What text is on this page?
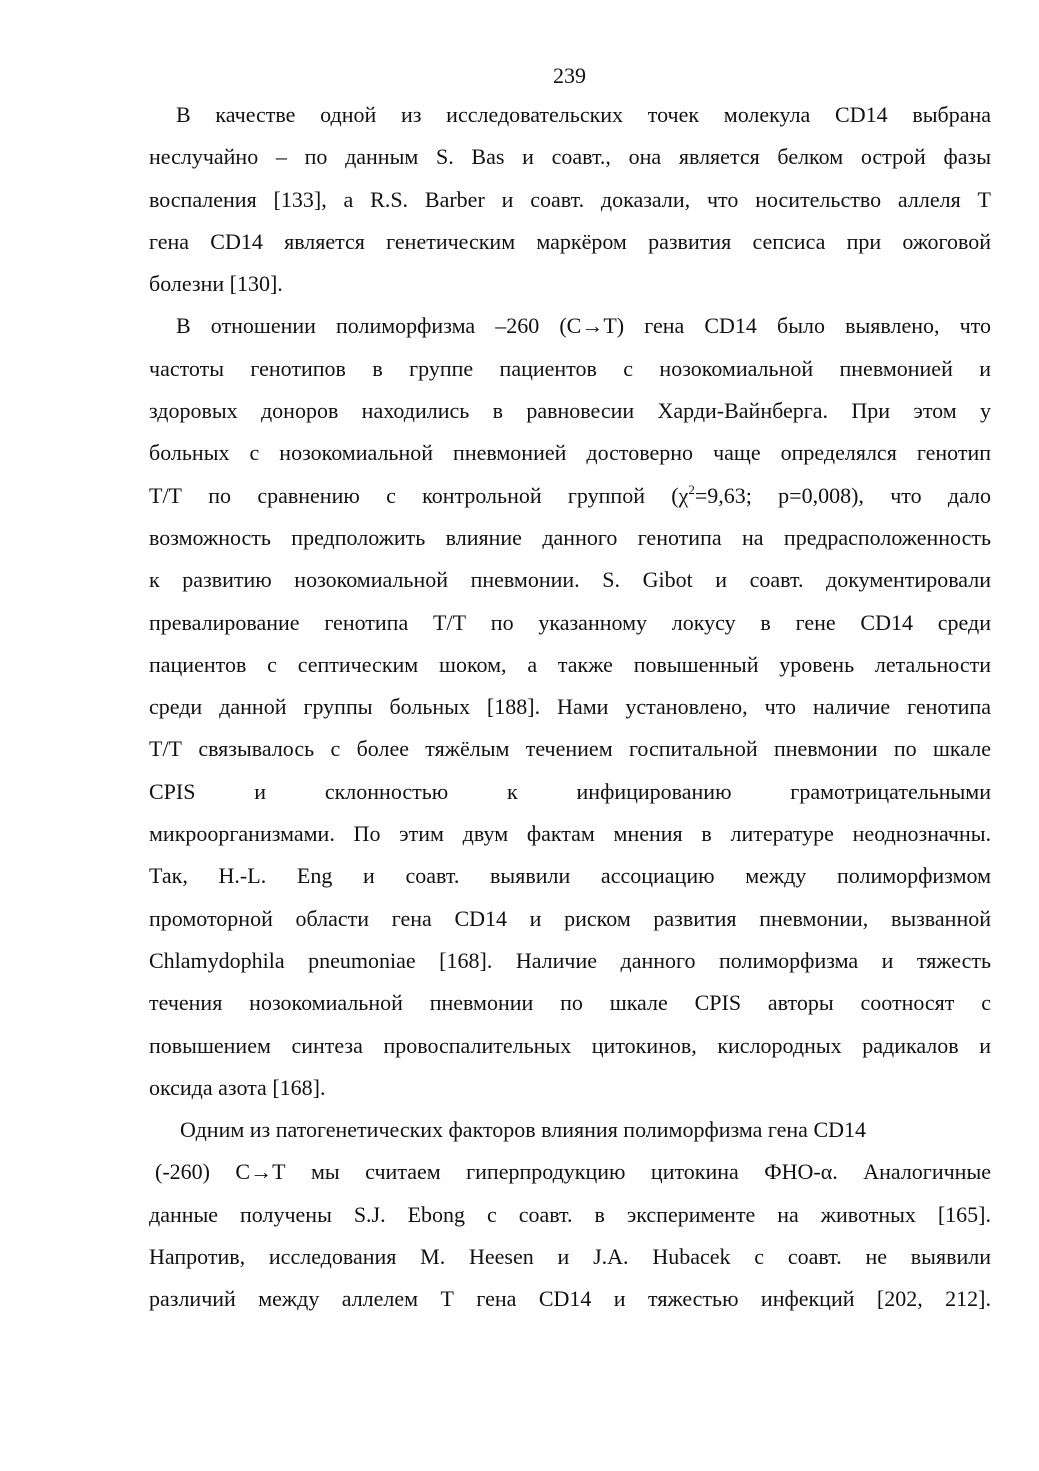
239
В качестве одной из исследовательских точек молекула CD14 выбрана
неслучайно – по данным S. Bas и соавт., она является белком острой фазы
воспаления [133], а R.S. Barber и соавт. доказали, что носительство аллеля Т
гена CD14 является генетическим маркёром развития сепсиса при ожоговой
болезни [130].
В отношении полиморфизма –260 (С→Т) гена CD14 было выявлено, что
частоты генотипов в группе пациентов с нозокомиальной пневмонией и
здоровых доноров находились в равновесии Харди-Вайнберга. При этом у
больных с нозокомиальной пневмонией достоверно чаще определялся генотип
Т/Т по сравнению с контрольной группой ($\chi^2=9,63$; p=0,008), что дало
возможность предположить влияние данного генотипа на предрасположенность
к развитию нозокомиальной пневмонии. S. Gibot и соавт. документировали
превалирование генотипа Т/Т по указанному локусу в гене CD14 среди
пациентов с септическим шоком, а также повышенный уровень летальности
среди данной группы больных [188]. Нами установлено, что наличие генотипа
Т/Т связывалось с более тяжёлым течением госпитальной пневмонии по шкале
CPIS и склонностью к инфицированию грамотрицательными
микроорганизмами. По этим двум фактам мнения в литературе неоднозначны.
Так, H.-L. Eng и соавт. выявили ассоциацию между полиморфизмом
промоторной области гена CD14 и риском развития пневмонии, вызванной
Chlamydophila pneumoniae [168]. Наличие данного полиморфизма и тяжесть
течения нозокомиальной пневмонии по шкале CPIS авторы соотносят с
повышением синтеза провоспалительных цитокинов, кислородных радикалов и
оксида азота [168].
Одним из патогенетических факторов влияния полиморфизма гена CD14
(-260) С→Т мы считаем гиперпродукцию цитокина ФНО-α. Аналогичные
данные получены S.J. Ebong с соавт. в эксперименте на животных [165].
Напротив, исследования M. Heesen и J.A. Hubacek с соавт. не выявили
различий между аллелем Т гена CD14 и тяжестью инфекций [202, 212].
